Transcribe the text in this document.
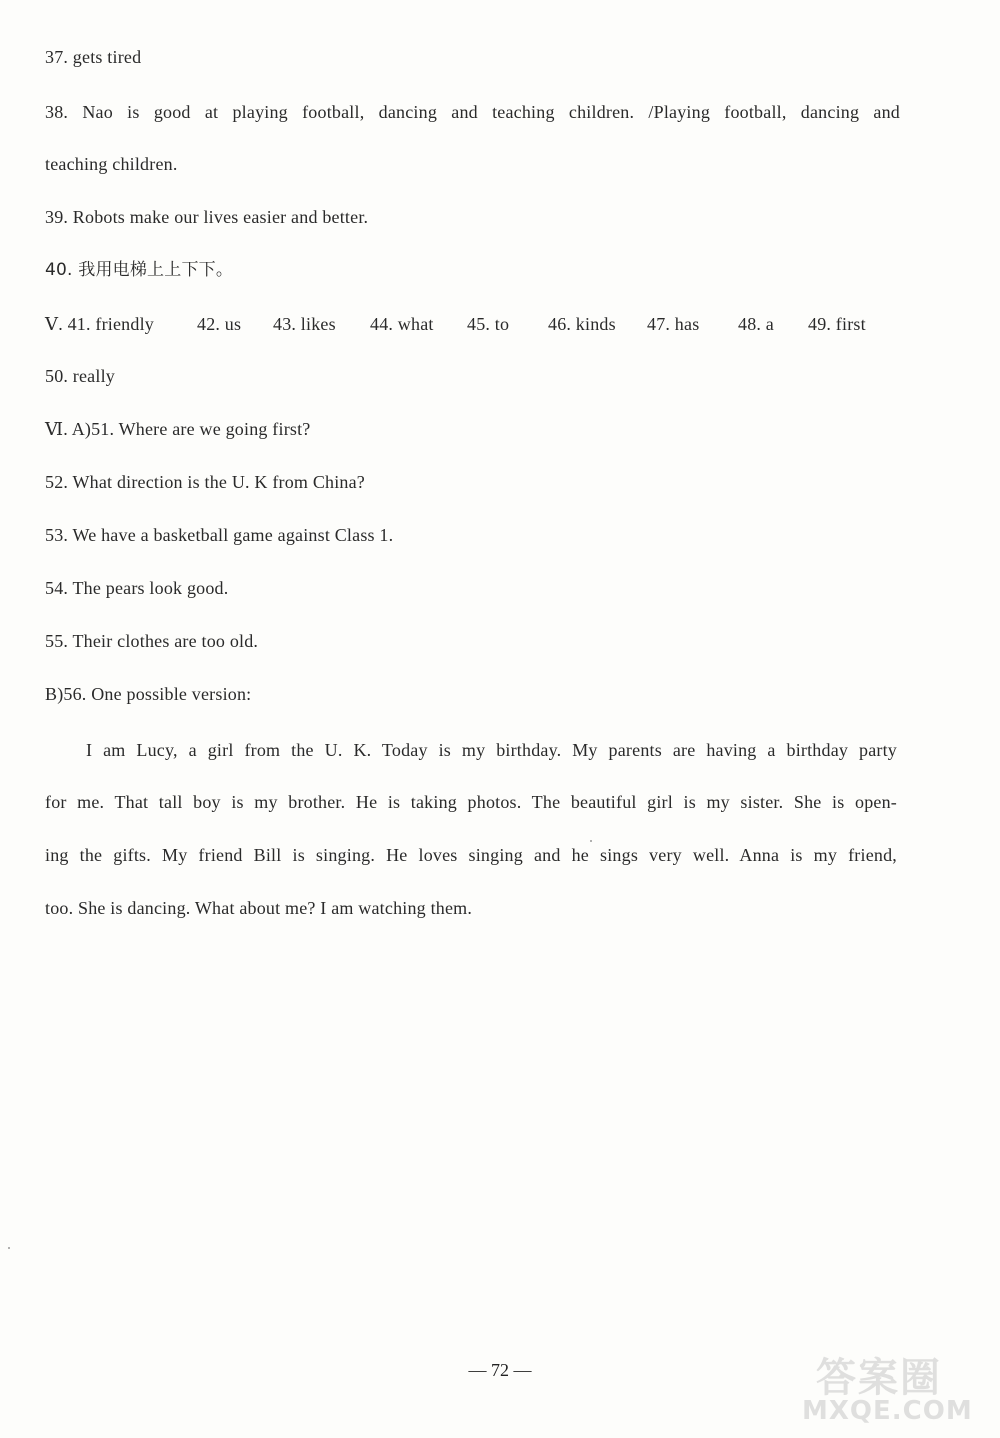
37. gets tired
38. Nao is good at playing football, dancing and teaching children. /Playing football, dancing and
teaching children.
39. Robots make our lives easier and better.
40. 我用电梯上上下下。
Ⅴ. 41. friendly 42. us 43. likes 44. what 45. to 46. kinds 47. has 48. a 49. first
50. really
Ⅵ. A)51. Where are we going first?
52. What direction is the U. K from China?
53. We have a basketball game against Class 1.
54. The pears look good.
55. Their clothes are too old.
B)56. One possible version:
I am Lucy, a girl from the U. K. Today is my birthday. My parents are having a birthday party
for me. That tall boy is my brother. He is taking photos. The beautiful girl is my sister. She is open-
ing the gifts. My friend Bill is singing. He loves singing and he sings very well. Anna is my friend,
too. She is dancing. What about me? I am watching them.
— 72 —	答案圈
MXQE.COM
